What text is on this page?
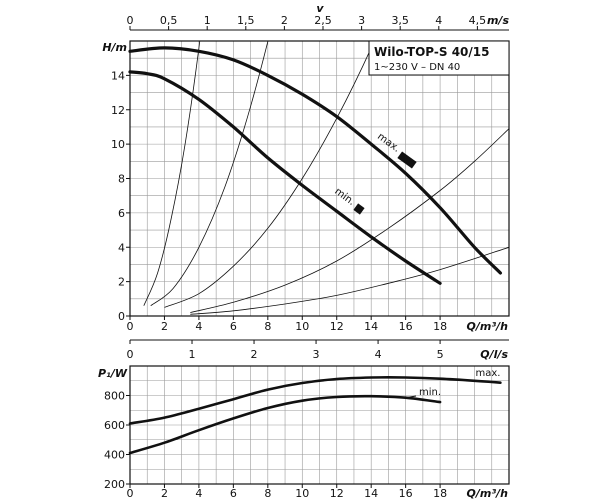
0 2 4 6 8 10 12 14 16 18 Q/m³/h
0
2
4
6
8
10
12
14
H/m
0 0,5 1 1,5 2 2,5 3 3,5 4 4,5
v
m/s
Wilo-TOP-S 40/15
1~230 V – DN 40
max.
min.
0 2 4 6 8 10 12 14 16 18 Q/m³/h
200
400
600
800
P₁/W
0	1	2	3	4	5	Q/l/s
max.
min.
